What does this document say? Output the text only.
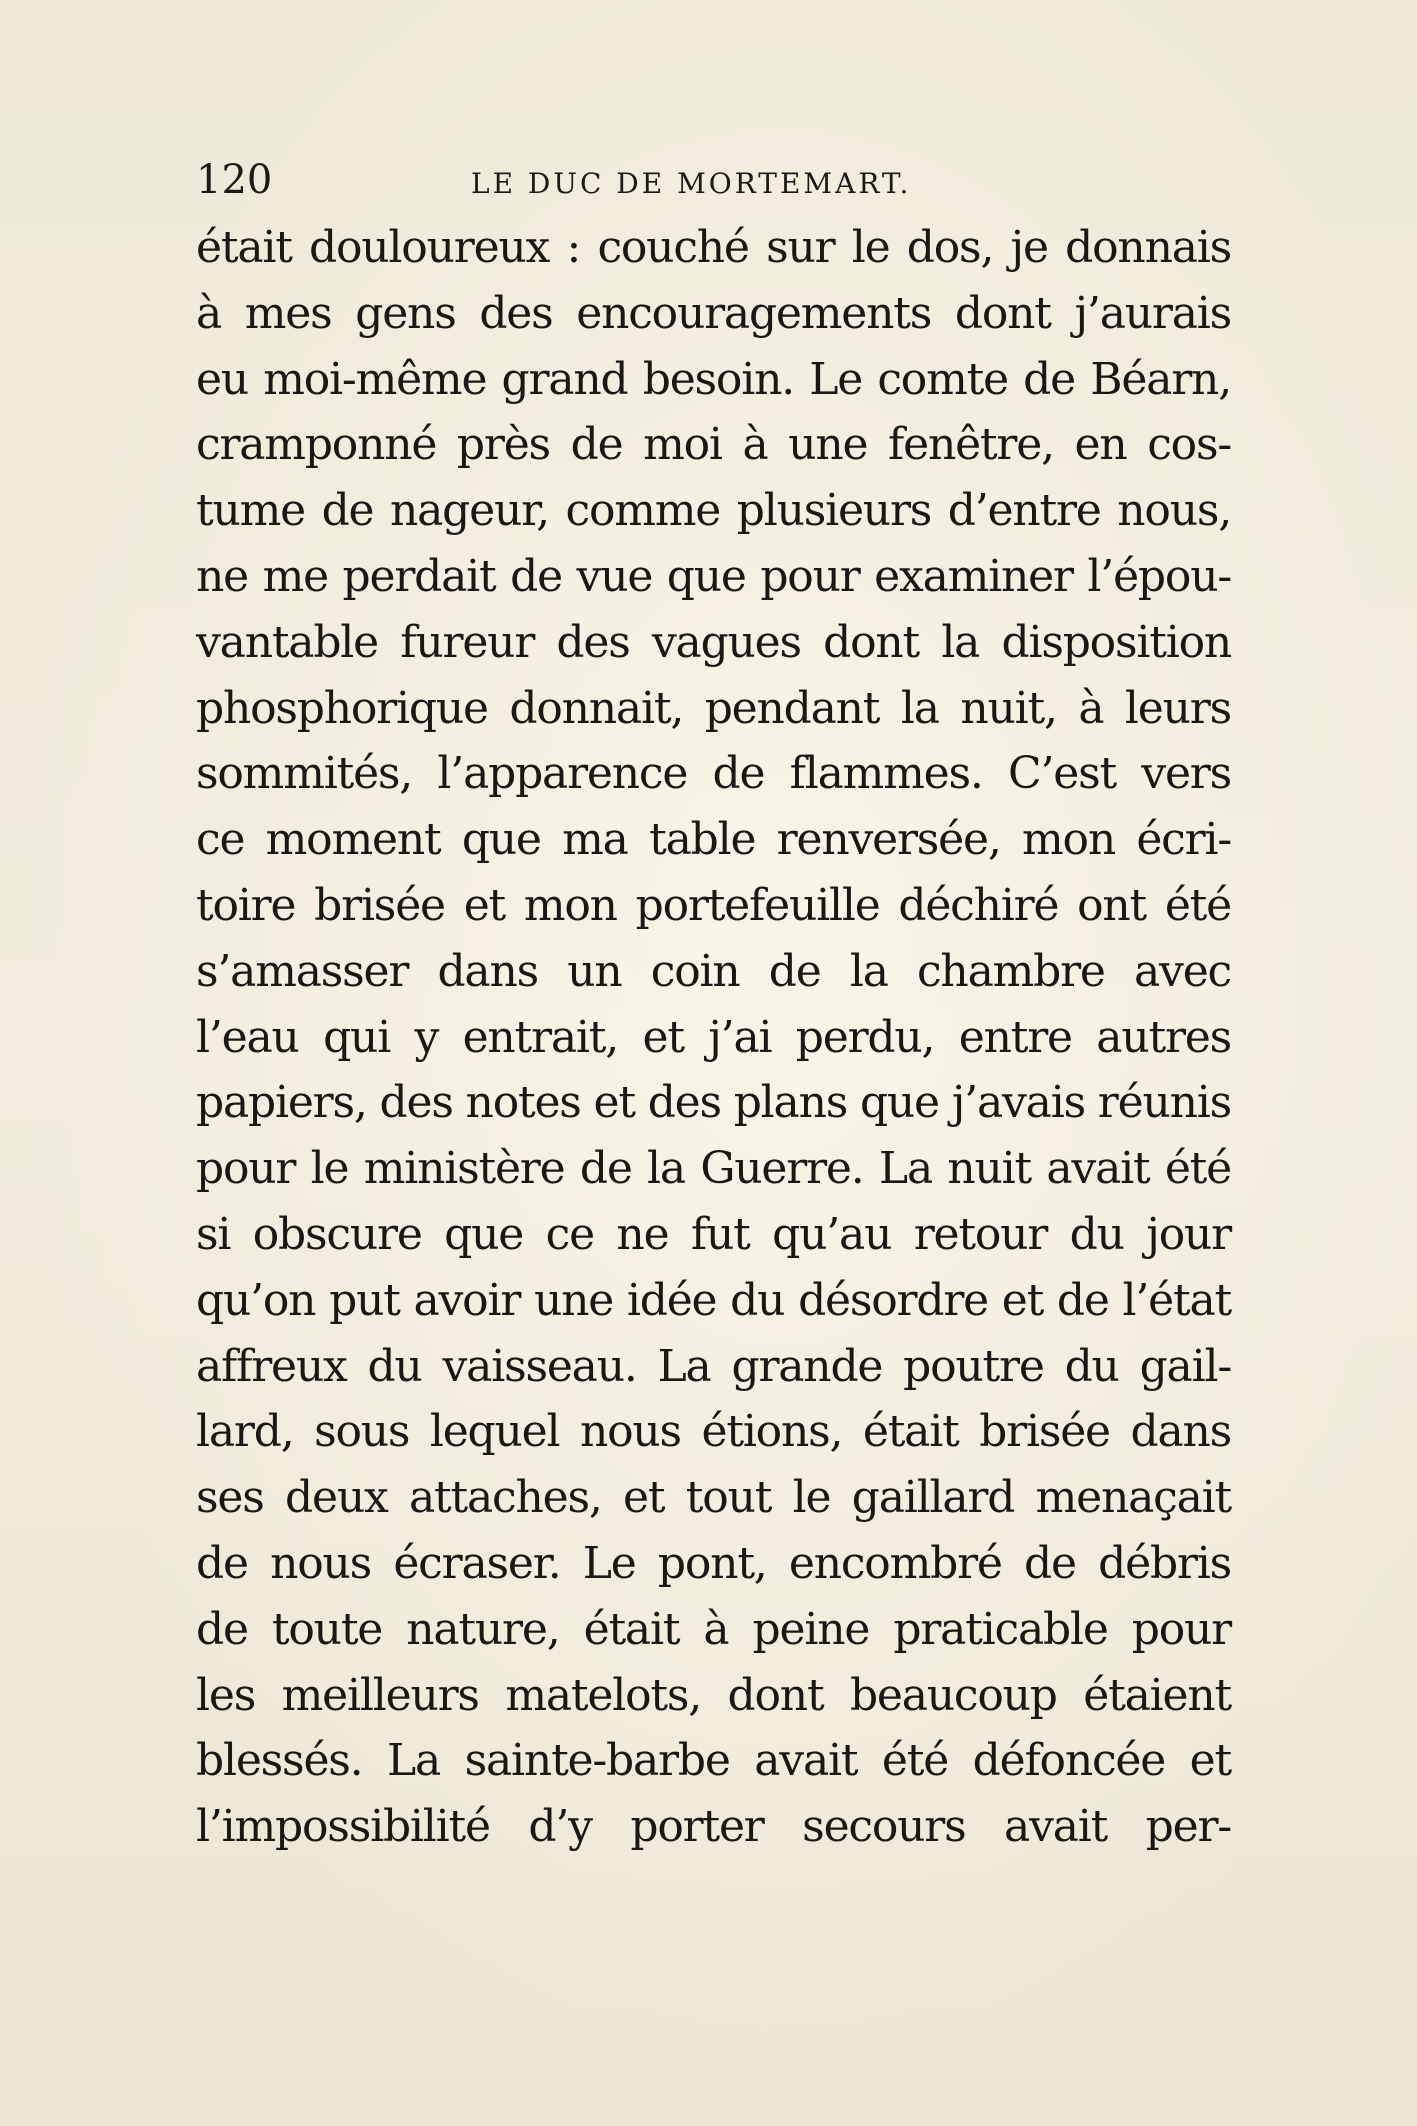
120	LE DUC DE MORTEMART.
était douloureux : couché sur le dos, je donnais
à mes gens des encouragements dont j’aurais
eu moi-même grand besoin. Le comte de Béarn,
cramponné près de moi à une fenêtre, en cos-
tume de nageur, comme plusieurs d’entre nous,
ne me perdait de vue que pour examiner l’épou-
vantable fureur des vagues dont la disposition
phosphorique donnait, pendant la nuit, à leurs
sommités, l’apparence de flammes. C’est vers
ce moment que ma table renversée, mon écri-
toire brisée et mon portefeuille déchiré ont été
s’amasser dans un coin de la chambre avec
l’eau qui y entrait, et j’ai perdu, entre autres
papiers, des notes et des plans que j’avais réunis
pour le ministère de la Guerre. La nuit avait été
si obscure que ce ne fut qu’au retour du jour
qu’on put avoir une idée du désordre et de l’état
affreux du vaisseau. La grande poutre du gail-
lard, sous lequel nous étions, était brisée dans
ses deux attaches, et tout le gaillard menaçait
de nous écraser. Le pont, encombré de débris
de toute nature, était à peine praticable pour
les meilleurs matelots, dont beaucoup étaient
blessés. La sainte-barbe avait été défoncée et
l’impossibilité d’y porter secours avait per-
